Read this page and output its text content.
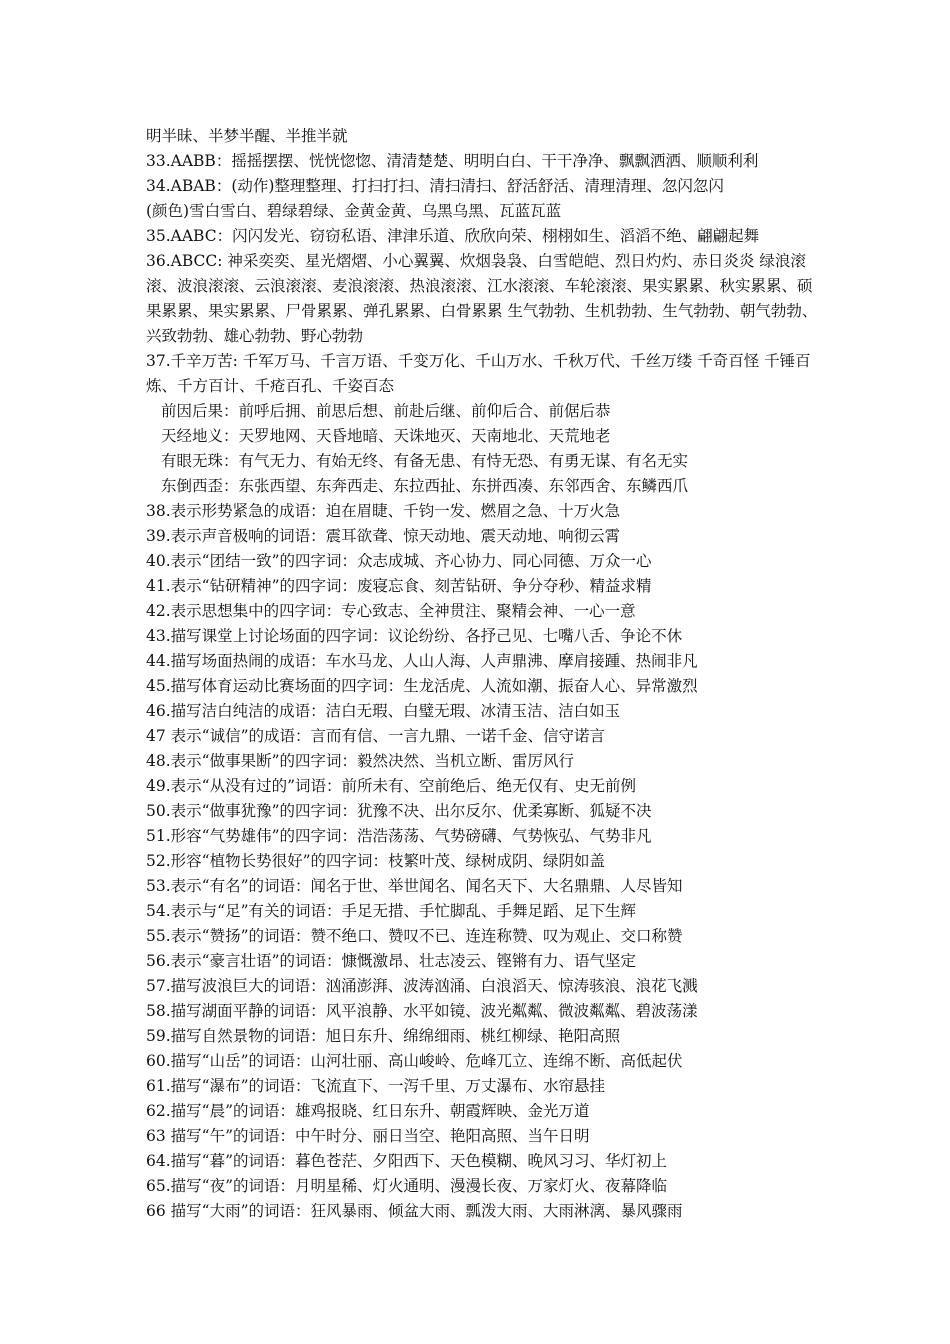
明半昧、半梦半醒、半推半就
33.AABB：摇摇摆摆、恍恍惚惚、清清楚楚、明明白白、干干净净、飘飘洒洒、顺顺利利
34.ABAB：(动作)整理整理、打扫打扫、清扫清扫、舒活舒活、清理清理、忽闪忽闪
(颜色)雪白雪白、碧绿碧绿、金黄金黄、乌黑乌黑、瓦蓝瓦蓝
35.AABC：闪闪发光、窃窃私语、津津乐道、欣欣向荣、栩栩如生、滔滔不绝、翩翩起舞
36.ABCC: 神采奕奕、星光熠熠、小心翼翼、炊烟袅袅、白雪皑皑、烈日灼灼、赤日炎炎 绿浪滚滚、波浪滚滚、云浪滚滚、麦浪滚滚、热浪滚滚、江水滚滚、车轮滚滚、果实累累、秋实累累、硕果累累、果实累累、尸骨累累、弹孔累累、白骨累累 生气勃勃、生机勃勃、生气勃勃、朝气勃勃、兴致勃勃、雄心勃勃、野心勃勃
37.千辛万苦: 千军万马、千言万语、千变万化、千山万水、千秋万代、千丝万缕 千奇百怪 千锤百炼、千方百计、千疮百孔、千姿百态
前因后果：前呼后拥、前思后想、前赴后继、前仰后合、前倨后恭
天经地义：天罗地网、天昏地暗、天诛地灭、天南地北、天荒地老
有眼无珠：有气无力、有始无终、有备无患、有恃无恐、有勇无谋、有名无实
东倒西歪：东张西望、东奔西走、东拉西扯、东拼西凑、东邻西舍、东鳞西爪
38.表示形势紧急的成语：迫在眉睫、千钧一发、燃眉之急、十万火急
39.表示声音极响的词语：震耳欲聋、惊天动地、震天动地、响彻云霄
40.表示“团结一致”的四字词：众志成城、齐心协力、同心同德、万众一心
41.表示“钻研精神”的四字词：废寝忘食、刻苦钻研、争分夺秒、精益求精
42.表示思想集中的四字词：专心致志、全神贯注、聚精会神、一心一意
43.描写课堂上讨论场面的四字词：议论纷纷、各抒己见、七嘴八舌、争论不休
44.描写场面热闹的成语：车水马龙、人山人海、人声鼎沸、摩肩接踵、热闹非凡
45.描写体育运动比赛场面的四字词：生龙活虎、人流如潮、振奋人心、异常激烈
46.描写洁白纯洁的成语：洁白无瑕、白璧无瑕、冰清玉洁、洁白如玉
47 表示“诚信”的成语：言而有信、一言九鼎、一诺千金、信守诺言
48.表示“做事果断”的四字词：毅然决然、当机立断、雷厉风行
49.表示“从没有过的”词语：前所未有、空前绝后、绝无仅有、史无前例
50.表示“做事犹豫”的四字词：犹豫不决、出尔反尔、优柔寡断、狐疑不决
51.形容“气势雄伟”的四字词：浩浩荡荡、气势磅礴、气势恢弘、气势非凡
52.形容“植物长势很好”的四字词：枝繁叶茂、绿树成阴、绿阴如盖
53.表示“有名”的词语：闻名于世、举世闻名、闻名天下、大名鼎鼎、人尽皆知
54.表示与“足”有关的词语：手足无措、手忙脚乱、手舞足蹈、足下生辉
55.表示“赞扬”的词语：赞不绝口、赞叹不已、连连称赞、叹为观止、交口称赞
56.表示“豪言壮语”的词语：慷慨激昂、壮志凌云、铿锵有力、语气坚定
57.描写波浪巨大的词语：汹涌澎湃、波涛汹涌、白浪滔天、惊涛骇浪、浪花飞溅
58.描写湖面平静的词语：风平浪静、水平如镜、波光粼粼、微波粼粼、碧波荡漾
59.描写自然景物的词语：旭日东升、绵绵细雨、桃红柳绿、艳阳高照
60.描写“山岳”的词语：山河壮丽、高山峻岭、危峰兀立、连绵不断、高低起伏
61.描写“瀑布”的词语：飞流直下、一泻千里、万丈瀑布、水帘悬挂
62.描写“晨”的词语：雄鸡报晓、红日东升、朝霞辉映、金光万道
63 描写“午”的词语：中午时分、丽日当空、艳阳高照、当午日明
64.描写“暮”的词语：暮色苍茫、夕阳西下、天色模糊、晚风习习、华灯初上
65.描写“夜”的词语：月明星稀、灯火通明、漫漫长夜、万家灯火、夜幕降临
66 描写“大雨”的词语：狂风暴雨、倾盆大雨、瓢泼大雨、大雨淋漓、暴风骤雨
